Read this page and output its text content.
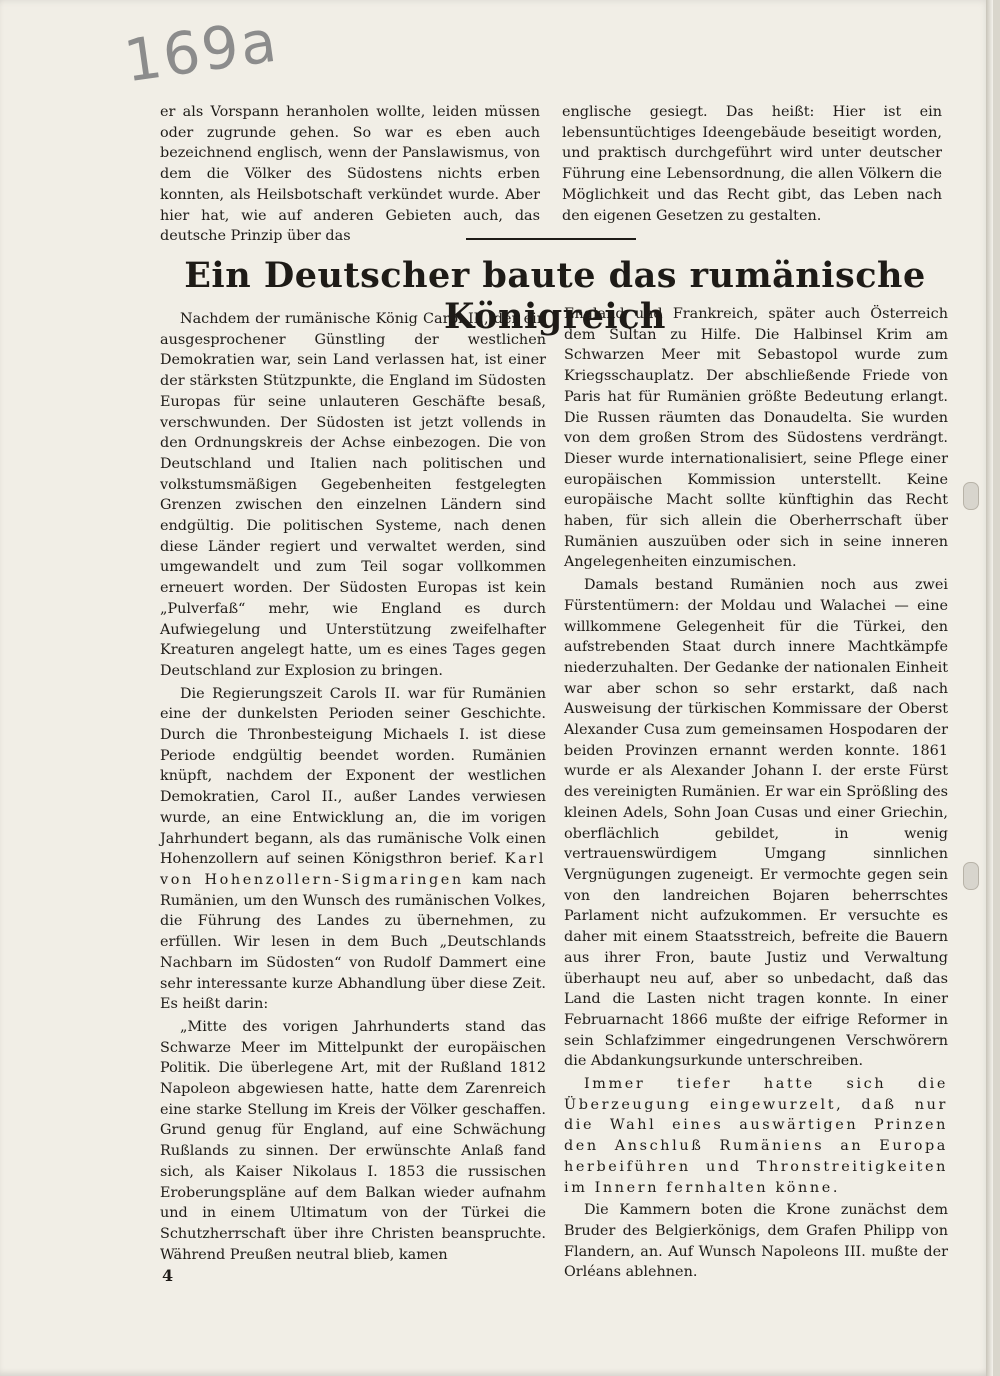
169a

er als Vorspann heranholen wollte, leiden müssen oder zugrunde gehen. So war es eben auch bezeichnend englisch, wenn der Panslawismus, von dem die Völker des Südostens nichts erben konnten, als Heilsbotschaft verkündet wurde. Aber hier hat, wie auf anderen Gebieten auch, das deutsche Prinzip über das

englische gesiegt. Das heißt: Hier ist ein lebensuntüchtiges Ideengebäude beseitigt worden, und praktisch durchgeführt wird unter deutscher Führung eine Lebensordnung, die allen Völkern die Möglichkeit und das Recht gibt, das Leben nach den eigenen Gesetzen zu gestalten.

Ein Deutscher baute das rumänische Königreich

Nachdem der rumänische König Carol II., der ein ausgesprochener Günstling der westlichen Demokratien war, sein Land verlassen hat, ist einer der stärksten Stützpunkte, die England im Südosten Europas für seine unlauteren Geschäfte besaß, verschwunden. Der Südosten ist jetzt vollends in den Ordnungskreis der Achse einbezogen. Die von Deutschland und Italien nach politischen und volkstumsmäßigen Gegebenheiten festgelegten Grenzen zwischen den einzelnen Ländern sind endgültig. Die politischen Systeme, nach denen diese Länder regiert und verwaltet werden, sind umgewandelt und zum Teil sogar vollkommen erneuert worden. Der Südosten Europas ist kein „Pulverfaß“ mehr, wie England es durch Aufwiegelung und Unterstützung zweifelhafter Kreaturen angelegt hatte, um es eines Tages gegen Deutschland zur Explosion zu bringen.

Die Regierungszeit Carols II. war für Rumänien eine der dunkelsten Perioden seiner Geschichte. Durch die Thronbesteigung Michaels I. ist diese Periode endgültig beendet worden. Rumänien knüpft, nachdem der Exponent der westlichen Demokratien, Carol II., außer Landes verwiesen wurde, an eine Entwicklung an, die im vorigen Jahrhundert begann, als das rumänische Volk einen Hohenzollern auf seinen Königsthron berief. Karl von Hohenzollern-Sigmaringen kam nach Rumänien, um den Wunsch des rumänischen Volkes, die Führung des Landes zu übernehmen, zu erfüllen. Wir lesen in dem Buch „Deutschlands Nachbarn im Südosten“ von Rudolf Dammert eine sehr interessante kurze Abhandlung über diese Zeit. Es heißt darin:

„Mitte des vorigen Jahrhunderts stand das Schwarze Meer im Mittelpunkt der europäischen Politik. Die überlegene Art, mit der Rußland 1812 Napoleon abgewiesen hatte, hatte dem Zarenreich eine starke Stellung im Kreis der Völker geschaffen. Grund genug für England, auf eine Schwächung Rußlands zu sinnen. Der erwünschte Anlaß fand sich, als Kaiser Nikolaus I. 1853 die russischen Eroberungspläne auf dem Balkan wieder aufnahm und in einem Ultimatum von der Türkei die Schutzherrschaft über ihre Christen beanspruchte. Während Preußen neutral blieb, kamen

England und Frankreich, später auch Österreich dem Sultan zu Hilfe. Die Halbinsel Krim am Schwarzen Meer mit Sebastopol wurde zum Kriegsschauplatz. Der abschließende Friede von Paris hat für Rumänien größte Bedeutung erlangt. Die Russen räumten das Donaudelta. Sie wurden von dem großen Strom des Südostens verdrängt. Dieser wurde internationalisiert, seine Pflege einer europäischen Kommission unterstellt. Keine europäische Macht sollte künftighin das Recht haben, für sich allein die Oberherrschaft über Rumänien auszuüben oder sich in seine inneren Angelegenheiten einzumischen.

Damals bestand Rumänien noch aus zwei Fürstentümern: der Moldau und Walachei — eine willkommene Gelegenheit für die Türkei, den aufstrebenden Staat durch innere Machtkämpfe niederzuhalten. Der Gedanke der nationalen Einheit war aber schon so sehr erstarkt, daß nach Ausweisung der türkischen Kommissare der Oberst Alexander Cusa zum gemeinsamen Hospodaren der beiden Provinzen ernannt werden konnte. 1861 wurde er als Alexander Johann I. der erste Fürst des vereinigten Rumänien. Er war ein Sprößling des kleinen Adels, Sohn Joan Cusas und einer Griechin, oberflächlich gebildet, in wenig vertrauenswürdigem Umgang sinnlichen Vergnügungen zugeneigt. Er vermochte gegen sein von den landreichen Bojaren beherrschtes Parlament nicht aufzukommen. Er versuchte es daher mit einem Staatsstreich, befreite die Bauern aus ihrer Fron, baute Justiz und Verwaltung überhaupt neu auf, aber so unbedacht, daß das Land die Lasten nicht tragen konnte. In einer Februarnacht 1866 mußte der eifrige Reformer in sein Schlafzimmer eingedrungenen Verschwörern die Abdankungsurkunde unterschreiben.

Immer tiefer hatte sich die Überzeugung eingewurzelt, daß nur die Wahl eines auswärtigen Prinzen den Anschluß Rumäniens an Europa herbeiführen und Thronstreitigkeiten im Innern fernhalten könne.

Die Kammern boten die Krone zunächst dem Bruder des Belgierkönigs, dem Grafen Philipp von Flandern, an. Auf Wunsch Napoleons III. mußte der Orléans ablehnen.

4
